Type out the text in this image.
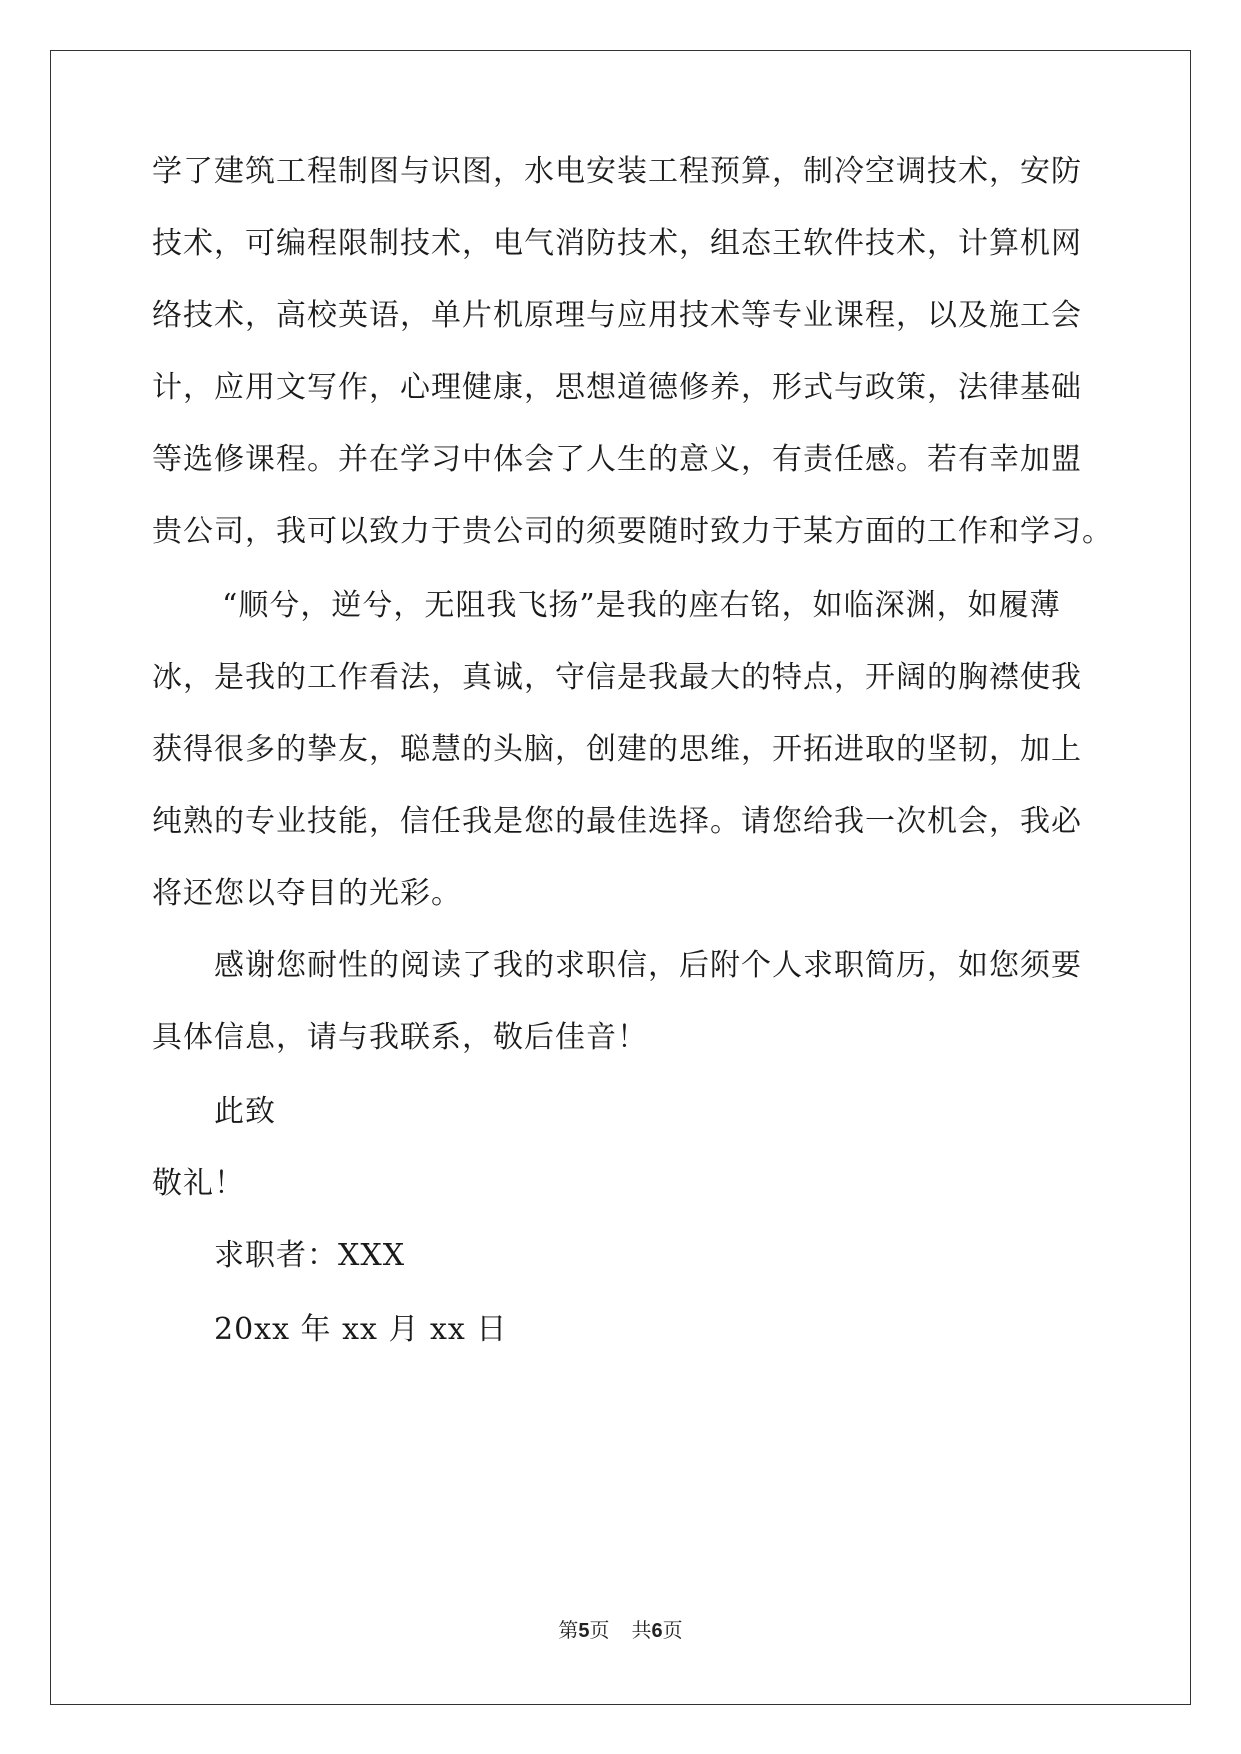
学了建筑工程制图与识图，水电安装工程预算，制冷空调技术，安防
技术，可编程限制技术，电气消防技术，组态王软件技术，计算机网
络技术，高校英语，单片机原理与应用技术等专业课程，以及施工会
计，应用文写作，心理健康，思想道德修养，形式与政策，法律基础
等选修课程。并在学习中体会了人生的意义，有责任感。若有幸加盟
贵公司，我可以致力于贵公司的须要随时致力于某方面的工作和学习。
“顺兮，逆兮，无阻我飞扬”是我的座右铭，如临深渊，如履薄
冰，是我的工作看法，真诚，守信是我最大的特点，开阔的胸襟使我
获得很多的挚友，聪慧的头脑，创建的思维，开拓进取的坚韧，加上
纯熟的专业技能，信任我是您的最佳选择。请您给我一次机会，我必
将还您以夺目的光彩。
感谢您耐性的阅读了我的求职信，后附个人求职简历，如您须要
具体信息，请与我联系，敬后佳音！
此致
敬礼！
求职者：XXX
20xx 年 xx 月 xx 日
第5页 共6页
